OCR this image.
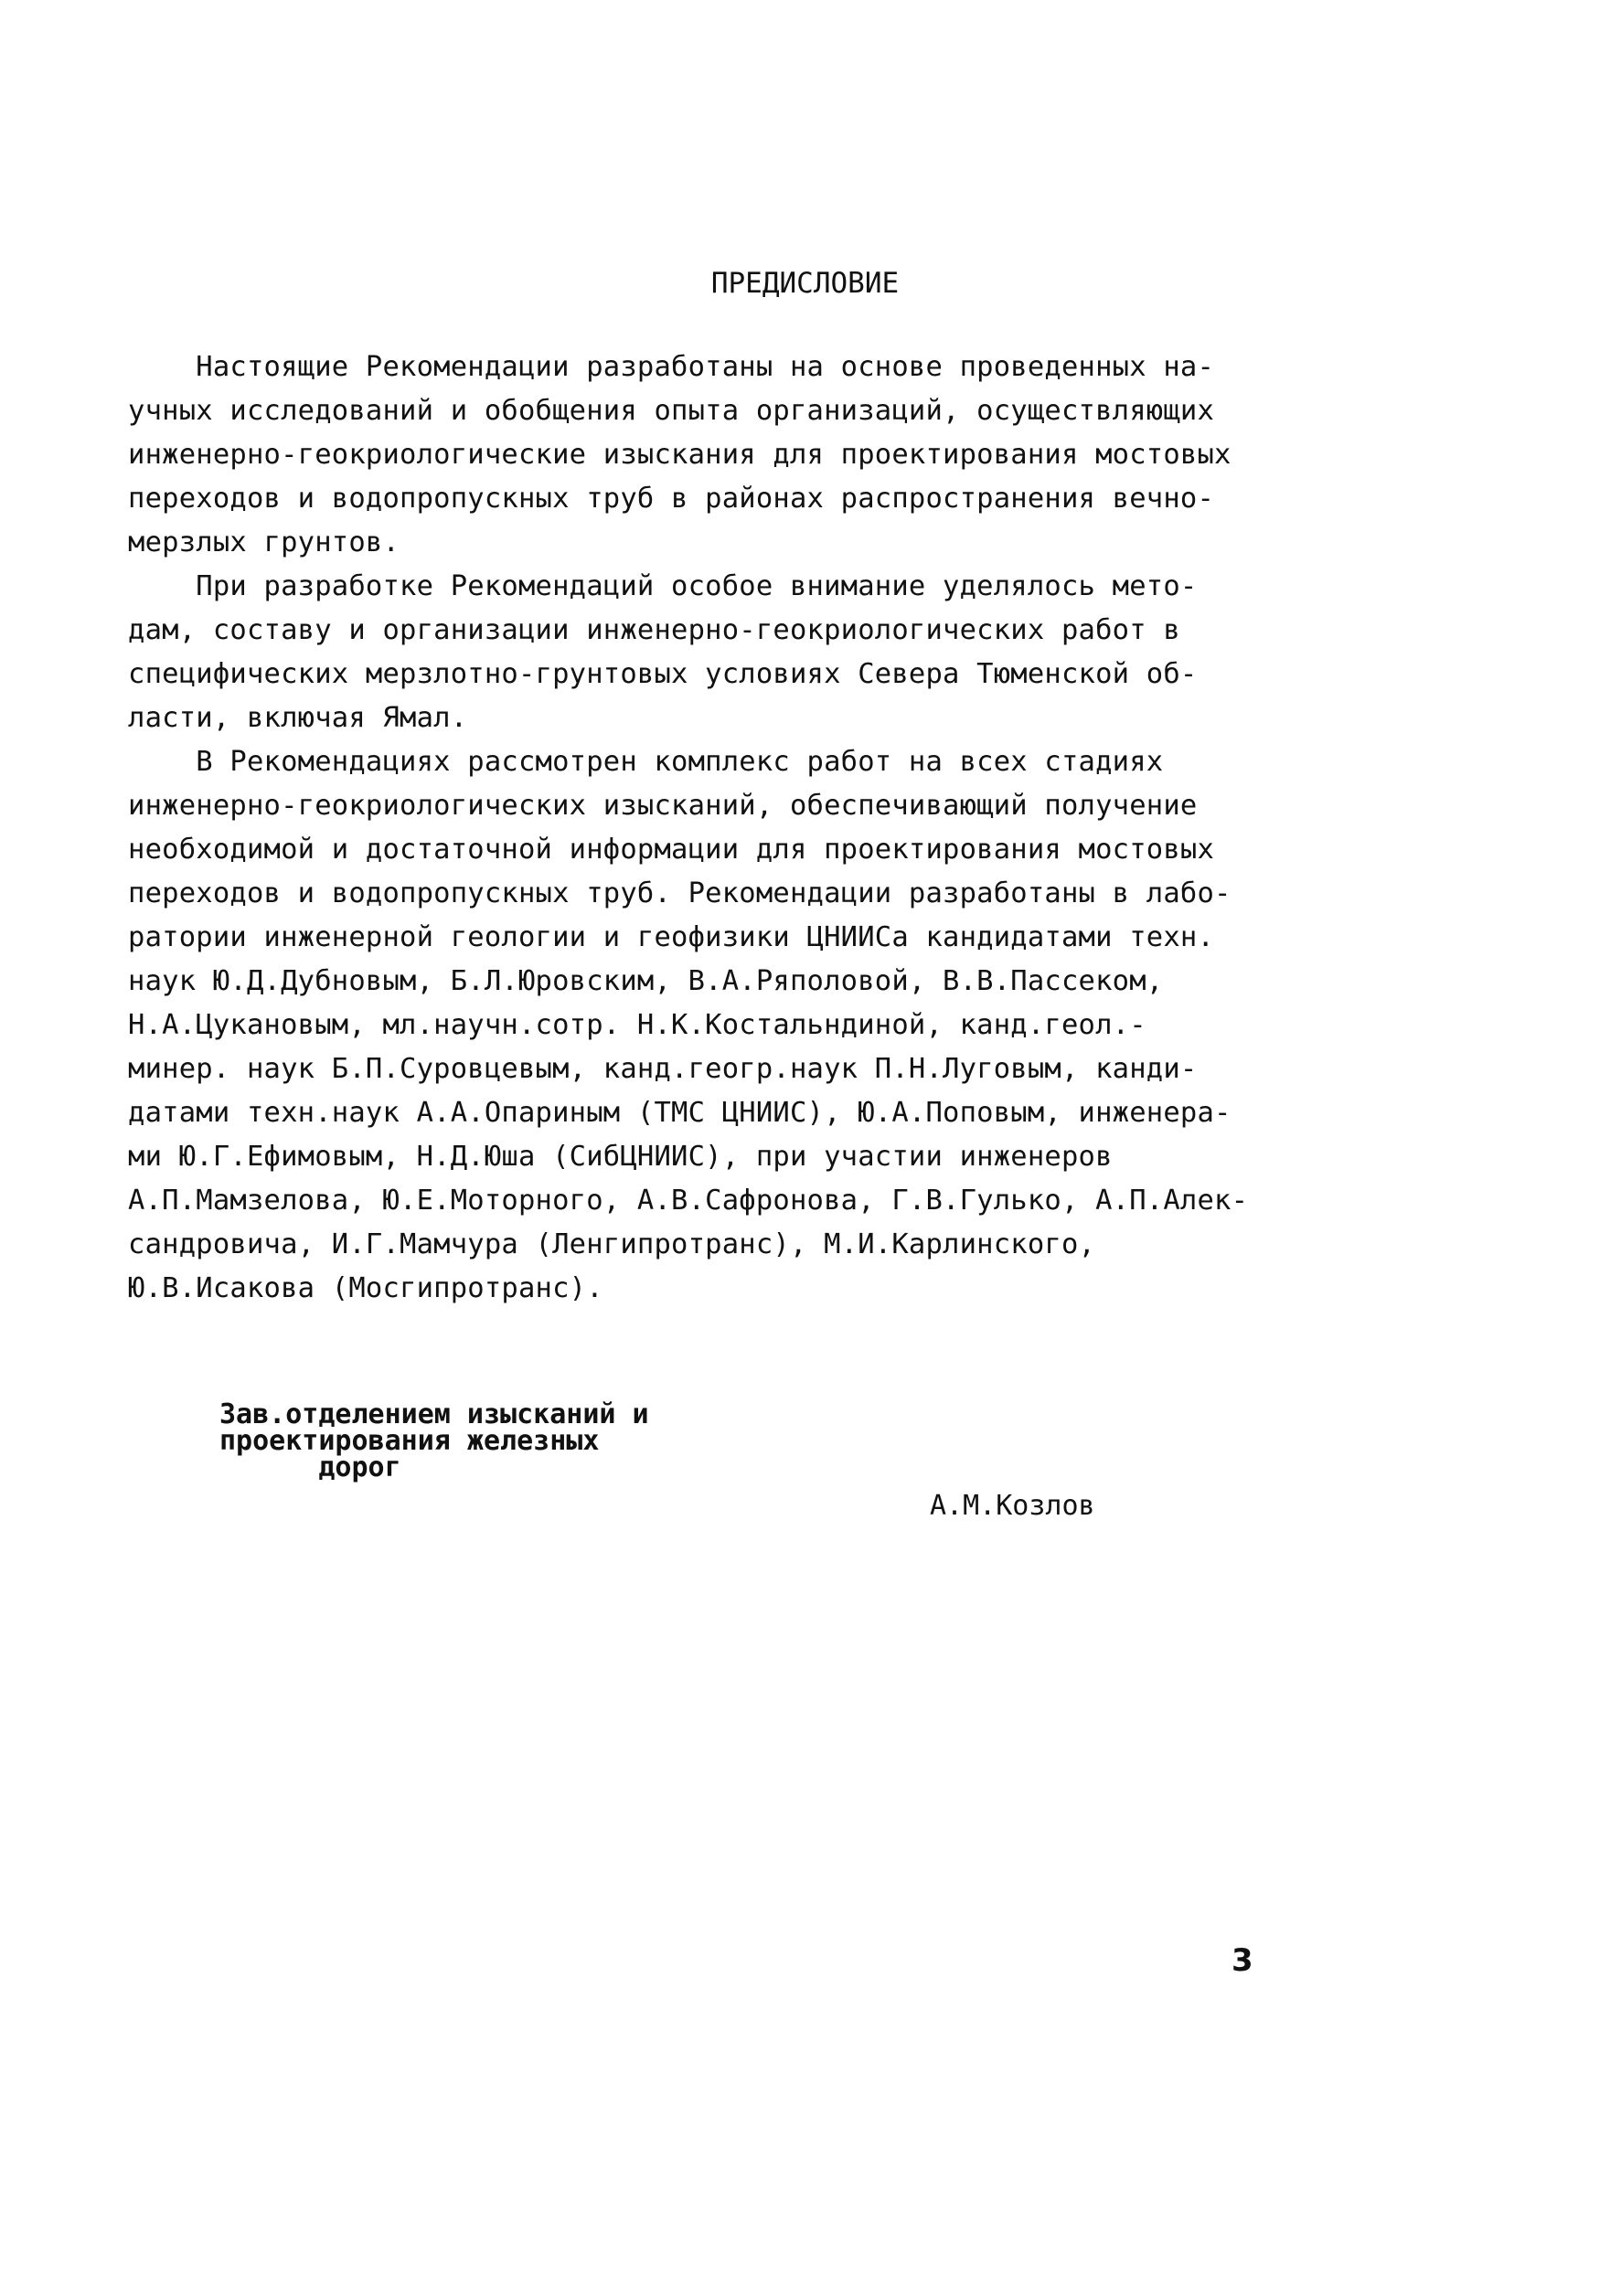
ПРЕДИСЛОВИЕ
Настоящие Рекомендации разработаны на основе проведенных на-
учных исследований и обобщения опыта организаций, осуществляющих
инженерно-геокриологические изыскания для проектирования мостовых
переходов и водопропускных труб в районах распространения вечно-
мерзлых грунтов.
При разработке Рекомендаций особое внимание уделялось мето-
дам, составу и организации инженерно-геокриологических работ в
специфических мерзлотно-грунтовых условиях Севера Тюменской об-
ласти, включая Ямал.
В Рекомендациях рассмотрен комплекс работ на всех стадиях
инженерно-геокриологических изысканий, обеспечивающий получение
необходимой и достаточной информации для проектирования мостовых
переходов и водопропускных труб. Рекомендации разработаны в лабо-
ратории инженерной геологии и геофизики ЦНИИСа кандидатами техн.
наук Ю.Д.Дубновым, Б.Л.Юровским, В.А.Ряполовой, В.В.Пассеком,
Н.А.Цукановым, мл.научн.сотр. Н.К.Костальндиной, канд.геол.-
минер. наук Б.П.Суровцевым, канд.геогр.наук П.Н.Луговым, канди-
датами техн.наук А.А.Опариным (ТМС ЦНИИС), Ю.А.Поповым, инженера-
ми Ю.Г.Ефимовым, Н.Д.Юша (СибЦНИИС), при участии инженеров
А.П.Мамзелова, Ю.Е.Моторного, А.В.Сафронова, Г.В.Гулько, А.П.Алек-
сандровича, И.Г.Мамчура (Ленгипротранс), М.И.Карлинского,
Ю.В.Исакова (Мосгипротранс).
Зав.отделением изысканий и
проектирования железных
дорог
А.М.Козлов
3
